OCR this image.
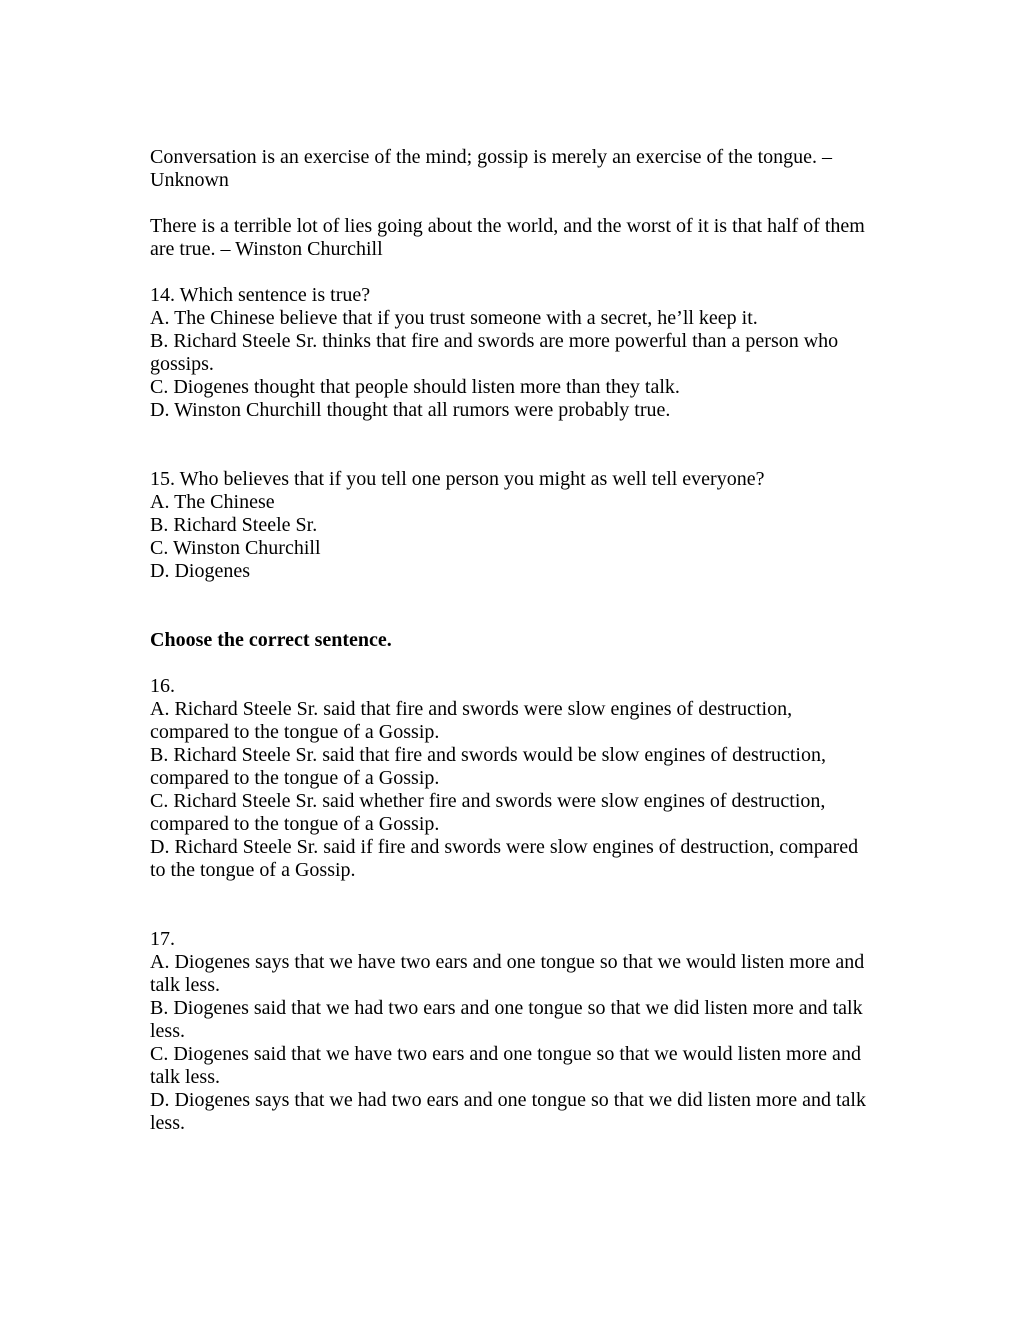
Conversation is an exercise of the mind; gossip is merely an exercise of the tongue. – Unknown

There is a terrible lot of lies going about the world, and the worst of it is that half of them are true. – Winston Churchill

14. Which sentence is true?
A. The Chinese believe that if you trust someone with a secret, he’ll keep it.
B. Richard Steele Sr. thinks that fire and swords are more powerful than a person who gossips.
C. Diogenes thought that people should listen more than they talk.
D. Winston Churchill thought that all rumors were probably true.
15. Who believes that if you tell one person you might as well tell everyone?
A. The Chinese
B. Richard Steele Sr.
C. Winston Churchill
D. Diogenes
Choose the correct sentence.
16.
A. Richard Steele Sr. said that fire and swords were slow engines of destruction, compared to the tongue of a Gossip.
B. Richard Steele Sr. said that fire and swords would be slow engines of destruction, compared to the tongue of a Gossip.
C. Richard Steele Sr. said whether fire and swords were slow engines of destruction, compared to the tongue of a Gossip.
D. Richard Steele Sr. said if fire and swords were slow engines of destruction, compared to the tongue of a Gossip.
17.
A. Diogenes says that we have two ears and one tongue so that we would listen more and talk less.
B. Diogenes said that we had two ears and one tongue so that we did listen more and talk less.
C. Diogenes said that we have two ears and one tongue so that we would listen more and talk less.
D. Diogenes says that we had two ears and one tongue so that we did listen more and talk less.
